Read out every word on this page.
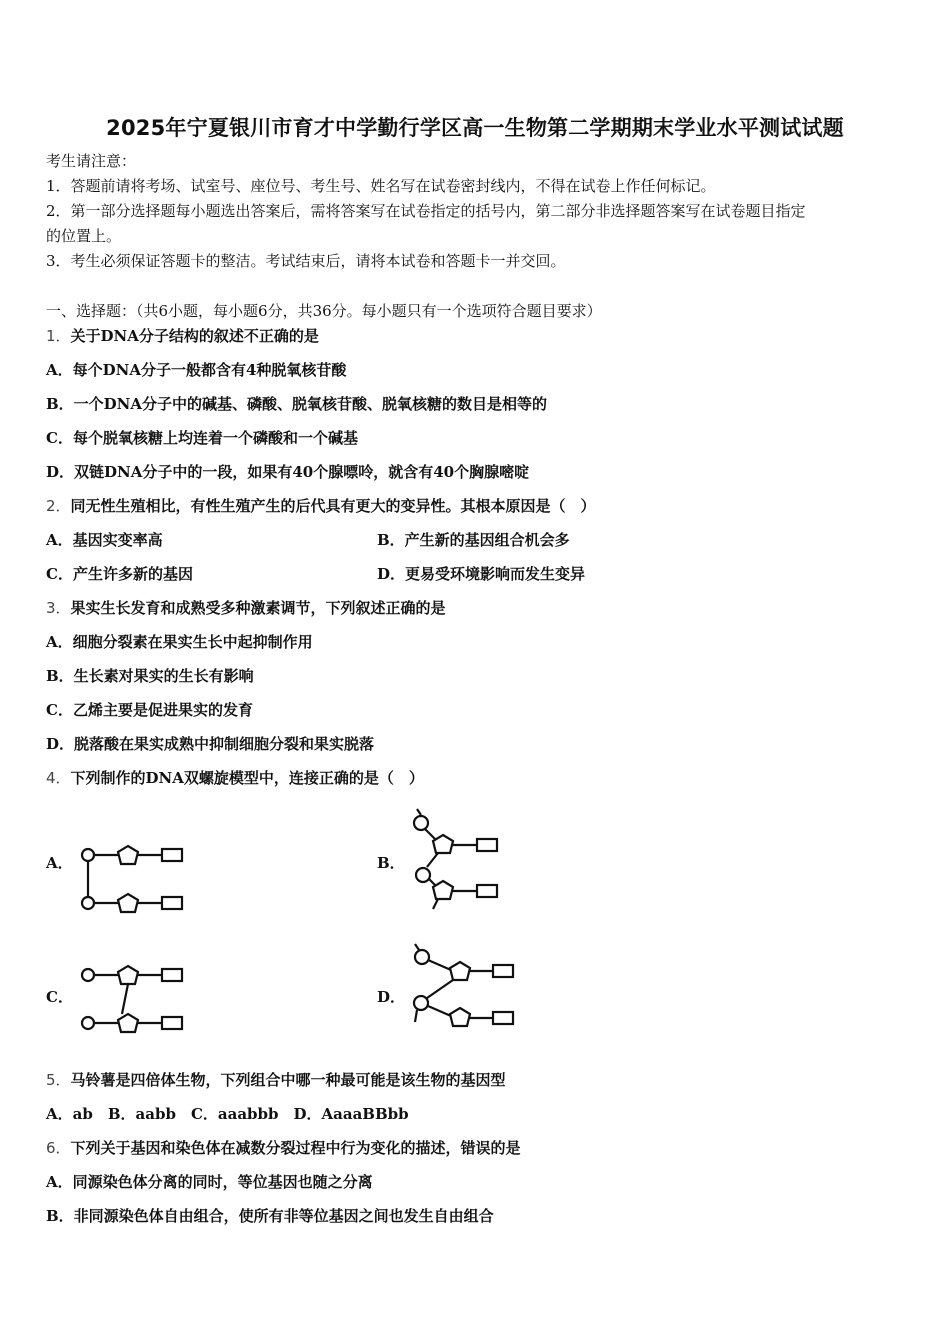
2025年宁夏银川市育才中学勤行学区高一生物第二学期期末学业水平测试试题
考生请注意：
1．答题前请将考场、试室号、座位号、考生号、姓名写在试卷密封线内，不得在试卷上作任何标记。
2．第一部分选择题每小题选出答案后，需将答案写在试卷指定的括号内，第二部分非选择题答案写在试卷题目指定
的位置上。
3．考生必须保证答题卡的整洁。考试结束后，请将本试卷和答题卡一并交回。
一、选择题：（共6小题，每小题6分，共36分。每小题只有一个选项符合题目要求）
1．关于DNA分子结构的叙述不正确的是
A．每个DNA分子一般都含有4种脱氧核苷酸
B．一个DNA分子中的碱基、磷酸、脱氧核苷酸、脱氧核糖的数目是相等的
C．每个脱氧核糖上均连着一个磷酸和一个碱基
D．双链DNA分子中的一段，如果有40个腺嘌呤，就含有40个胸腺嘧啶
2．同无性生殖相比，有性生殖产生的后代具有更大的变异性。其根本原因是（　）
A．基因实变率高	B．产生新的基因组合机会多
C．产生许多新的基因	D．更易受环境影响而发生变异
3．果实生长发育和成熟受多种激素调节，下列叙述正确的是
A．细胞分裂素在果实生长中起抑制作用
B．生长素对果实的生长有影响
C．乙烯主要是促进果实的发育
D．脱落酸在果实成熟中抑制细胞分裂和果实脱落
4．下列制作的DNA双螺旋模型中，连接正确的是（　）
A．	B．
C．	D．
5．马铃薯是四倍体生物，下列组合中哪一种最可能是该生物的基因型
A．ab　B．aabb　C．aaabbb　D．AaaaBBbb
6．下列关于基因和染色体在减数分裂过程中行为变化的描述，错误的是
A．同源染色体分离的同时，等位基因也随之分离
B．非同源染色体自由组合，使所有非等位基因之间也发生自由组合
